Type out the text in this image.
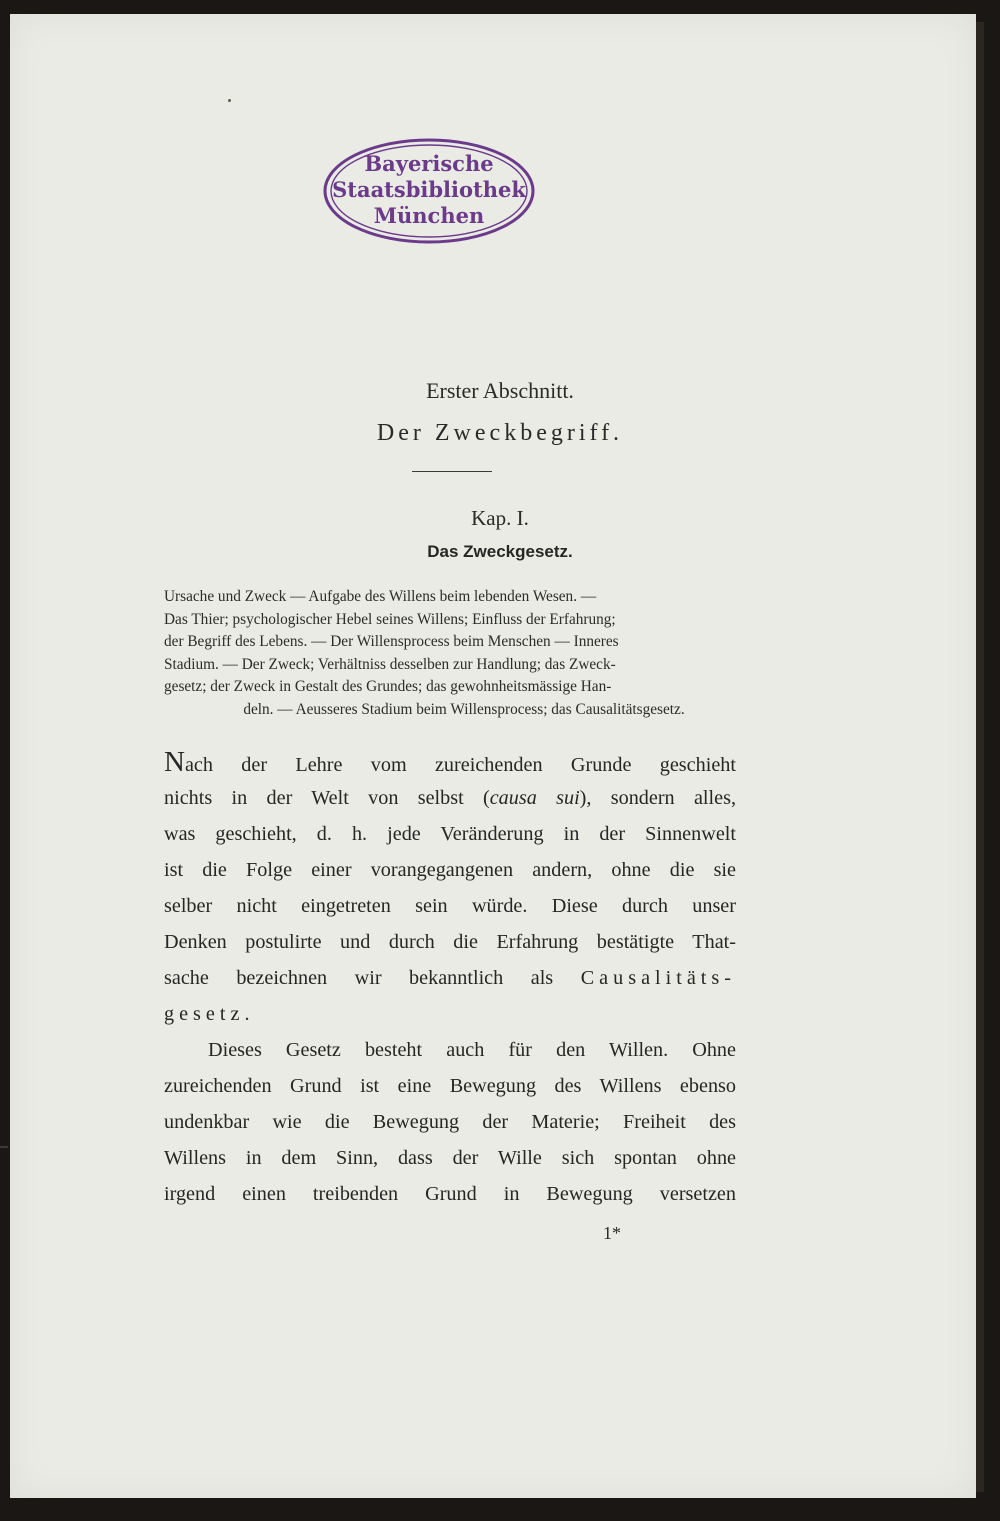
Bayerische
Staatsbibliothek
München
Erster Abschnitt.
Der Zweckbegriff.
Kap. I.
Das Zweckgesetz.
Ursache und Zweck — Aufgabe des Willens beim lebenden Wesen. —
Das Thier; psychologischer Hebel seines Willens; Einfluss der Erfahrung;
der Begriff des Lebens. — Der Willensprocess beim Menschen — Inneres
Stadium. — Der Zweck; Verhältniss desselben zur Handlung; das Zweck-
gesetz; der Zweck in Gestalt des Grundes; das gewohnheitsmässige Han-
deln. — Aeusseres Stadium beim Willensprocess; das Causalitätsgesetz.
Nach der Lehre vom zureichenden Grunde geschieht
nichts in der Welt von selbst (causa sui), sondern alles,
was geschieht, d. h. jede Veränderung in der Sinnenwelt
ist die Folge einer vorangegangenen andern, ohne die sie
selber nicht eingetreten sein würde. Diese durch unser
Denken postulirte und durch die Erfahrung bestätigte That-
sache bezeichnen wir bekanntlich als Causalitäts-
gesetz.
Dieses Gesetz besteht auch für den Willen. Ohne
zureichenden Grund ist eine Bewegung des Willens ebenso
undenkbar wie die Bewegung der Materie; Freiheit des
Willens in dem Sinn, dass der Wille sich spontan ohne
irgend einen treibenden Grund in Bewegung versetzen
1*
